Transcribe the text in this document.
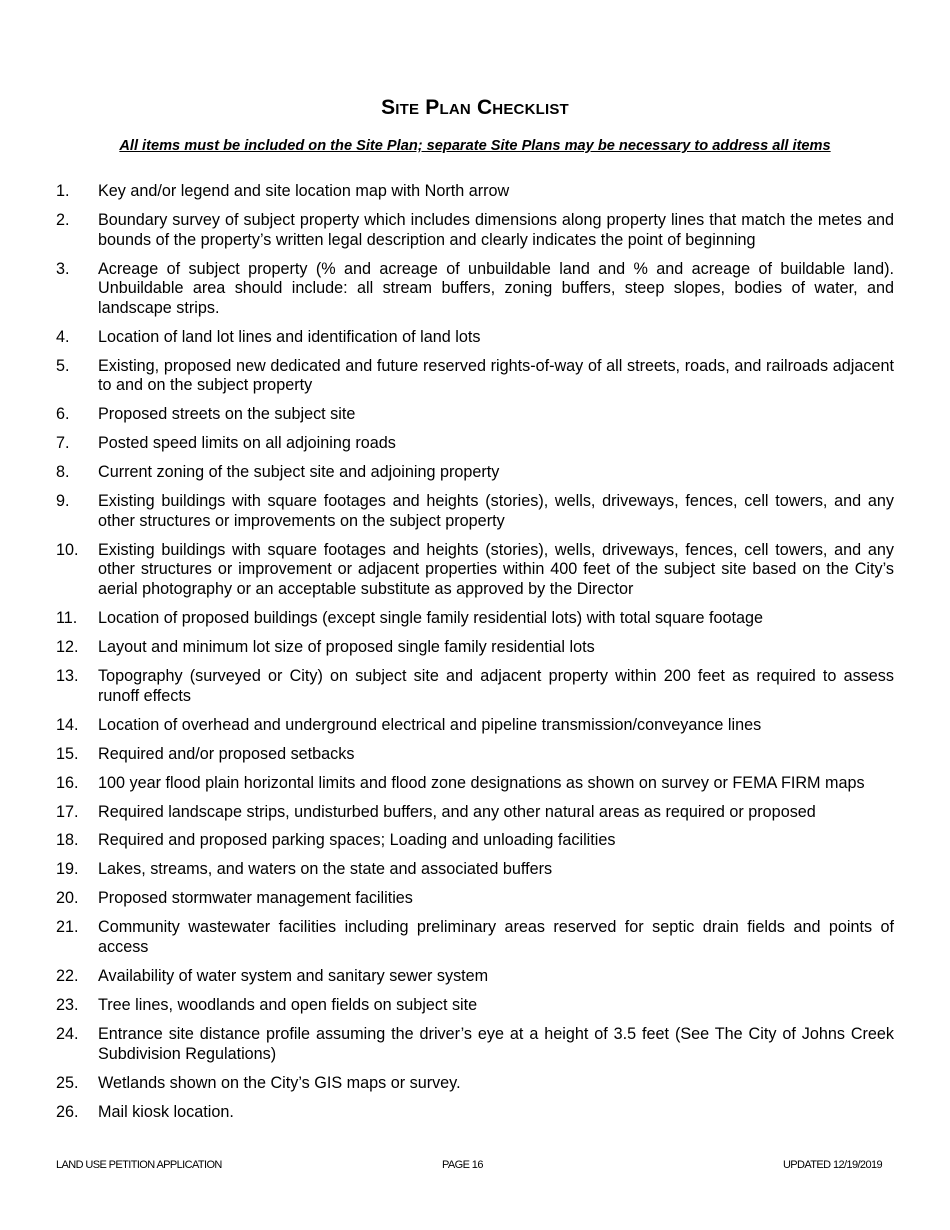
Site Plan Checklist

All items must be included on the Site Plan; separate Site Plans may be necessary to address all items

1.	Key and/or legend and site location map with North arrow
2.	Boundary survey of subject property which includes dimensions along property lines that match the metes and bounds of the property’s written legal description and clearly indicates the point of beginning
3.	Acreage of subject property (% and acreage of unbuildable land and % and acreage of buildable land). Unbuildable area should include: all stream buffers, zoning buffers, steep slopes, bodies of water, and landscape strips.
4.	Location of land lot lines and identification of land lots
5.	Existing, proposed new dedicated and future reserved rights-of-way of all streets, roads, and railroads adjacent to and on the subject property
6.	Proposed streets on the subject site
7.	Posted speed limits on all adjoining roads
8.	Current zoning of the subject site and adjoining property
9.	Existing buildings with square footages and heights (stories), wells, driveways, fences, cell towers, and any other structures or improvements on the subject property
10.	Existing buildings with square footages and heights (stories), wells, driveways, fences, cell towers, and any other structures or improvement or adjacent properties within 400 feet of the subject site based on the City’s aerial photography or an acceptable substitute as approved by the Director
11.	Location of proposed buildings (except single family residential lots) with total square footage
12.	Layout and minimum lot size of proposed single family residential lots
13.	Topography (surveyed or City) on subject site and adjacent property within 200 feet as required to assess runoff effects
14.	Location of overhead and underground electrical and pipeline transmission/conveyance lines
15.	Required and/or proposed setbacks
16.	100 year flood plain horizontal limits and flood zone designations as shown on survey or FEMA FIRM maps
17.	Required landscape strips, undisturbed buffers, and any other natural areas as required or proposed
18.	Required and proposed parking spaces; Loading and unloading facilities
19.	Lakes, streams, and waters on the state and associated buffers
20.	Proposed stormwater management facilities
21.	Community wastewater facilities including preliminary areas reserved for septic drain fields and points of access
22.	Availability of water system and sanitary sewer system
23.	Tree lines, woodlands and open fields on subject site
24.	Entrance site distance profile assuming the driver’s eye at a height of 3.5 feet (See The City of Johns Creek Subdivision Regulations)
25.	Wetlands shown on the City’s GIS maps or survey.
26.	Mail kiosk location.
LAND USE PETITION APPLICATION	PAGE 16	UPDATED 12/19/2019
